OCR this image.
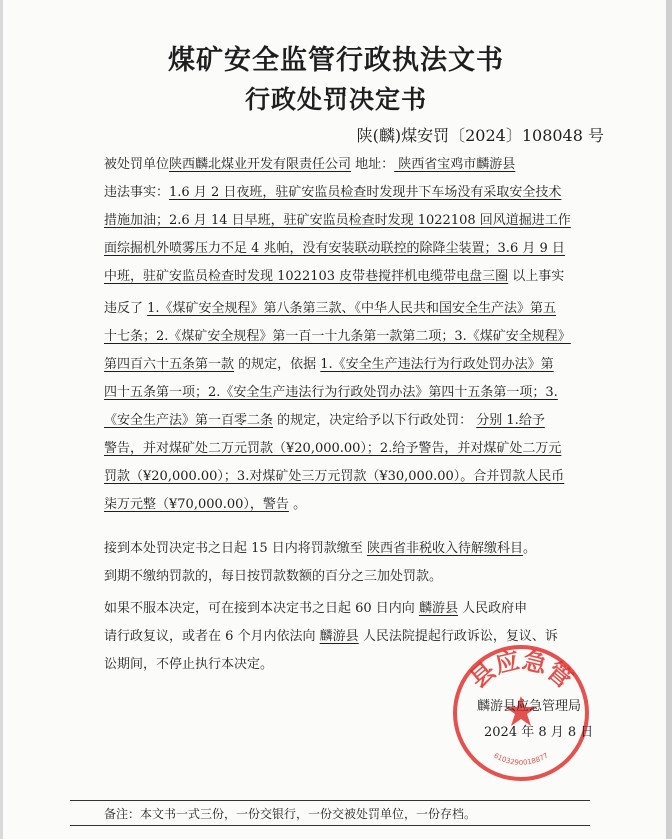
煤矿安全监管行政执法文书
行政处罚决定书
陕(麟)煤安罚〔2024〕108048 号
被处罚单位陕西麟北煤业开发有限责任公司 地址： 陕西省宝鸡市麟游县
违法事实：1.6 月 2 日夜班，驻矿安监员检查时发现井下车场没有采取安全技术
措施加油；2.6 月 14 日早班，驻矿安监员检查时发现 1022108 回风道掘进工作
面综掘机外喷雾压力不足 4 兆帕，没有安装联动联控的除降尘装置；3.6 月 9 日
中班，驻矿安监员检查时发现 1022103 皮带巷搅拌机电缆带电盘三圈 以上事实
违反了 1.《煤矿安全规程》第八条第三款、《中华人民共和国安全生产法》第五
十七条；2.《煤矿安全规程》第一百一十九条第一款第二项；3.《煤矿安全规程》
第四百六十五条第一款 的规定，依据 1.《安全生产违法行为行政处罚办法》第
四十五条第一项；2.《安全生产违法行为行政处罚办法》第四十五条第一项；3.
《安全生产法》第一百零二条 的规定，决定给予以下行政处罚： 分别 1.给予
警告，并对煤矿处二万元罚款（¥20,000.00）；2.给予警告，并对煤矿处二万元
罚款（¥20,000.00）；3.对煤矿处三万元罚款（¥30,000.00）。合并罚款人民币
柒万元整（¥70,000.00），警告 。
接到本处罚决定书之日起 15 日内将罚款缴至 陕西省非税收入待解缴科目。
到期不缴纳罚款的，每日按罚款数额的百分之三加处罚款。
如果不服本决定，可在接到本决定书之日起 60 日内向 麟游县 人民政府申
请行政复议，或者在 6 个月内依法向 麟游县 人民法院提起行政诉讼，复议、诉
讼期间，不停止执行本决定。	县应急管
6103290018877
麟游县应急管理局
2024 年 8 月 8 日
备注：本文书一式三份，一份交银行，一份交被处罚单位，一份存档。
